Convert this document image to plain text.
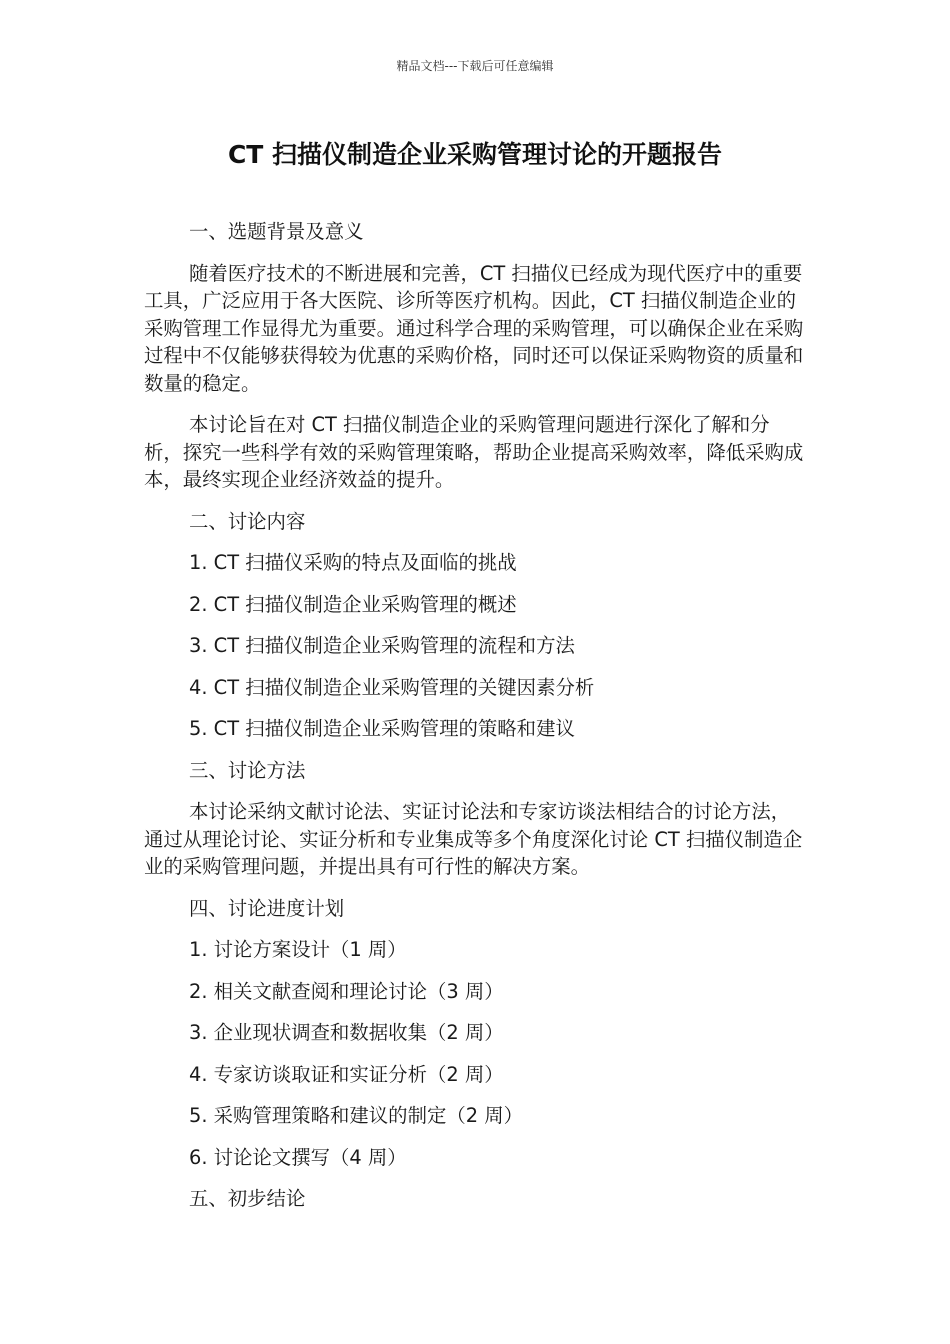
精品文档---下载后可任意编辑
CT 扫描仪制造企业采购管理讨论的开题报告

一、选题背景及意义

随着医疗技术的不断进展和完善，CT 扫描仪已经成为现代医疗中的重要工具，广泛应用于各大医院、诊所等医疗机构。因此，CT 扫描仪制造企业的采购管理工作显得尤为重要。通过科学合理的采购管理，可以确保企业在采购过程中不仅能够获得较为优惠的采购价格，同时还可以保证采购物资的质量和数量的稳定。

本讨论旨在对 CT 扫描仪制造企业的采购管理问题进行深化了解和分析，探究一些科学有效的采购管理策略，帮助企业提高采购效率，降低采购成本，最终实现企业经济效益的提升。

二、讨论内容

1. CT 扫描仪采购的特点及面临的挑战

2. CT 扫描仪制造企业采购管理的概述

3. CT 扫描仪制造企业采购管理的流程和方法

4. CT 扫描仪制造企业采购管理的关键因素分析

5. CT 扫描仪制造企业采购管理的策略和建议

三、讨论方法

本讨论采纳文献讨论法、实证讨论法和专家访谈法相结合的讨论方法，通过从理论讨论、实证分析和专业集成等多个角度深化讨论 CT 扫描仪制造企业的采购管理问题，并提出具有可行性的解决方案。

四、讨论进度计划

1. 讨论方案设计（1 周）

2. 相关文献查阅和理论讨论（3 周）

3. 企业现状调查和数据收集（2 周）

4. 专家访谈取证和实证分析（2 周）

5. 采购管理策略和建议的制定（2 周）

6. 讨论论文撰写（4 周）

五、初步结论
